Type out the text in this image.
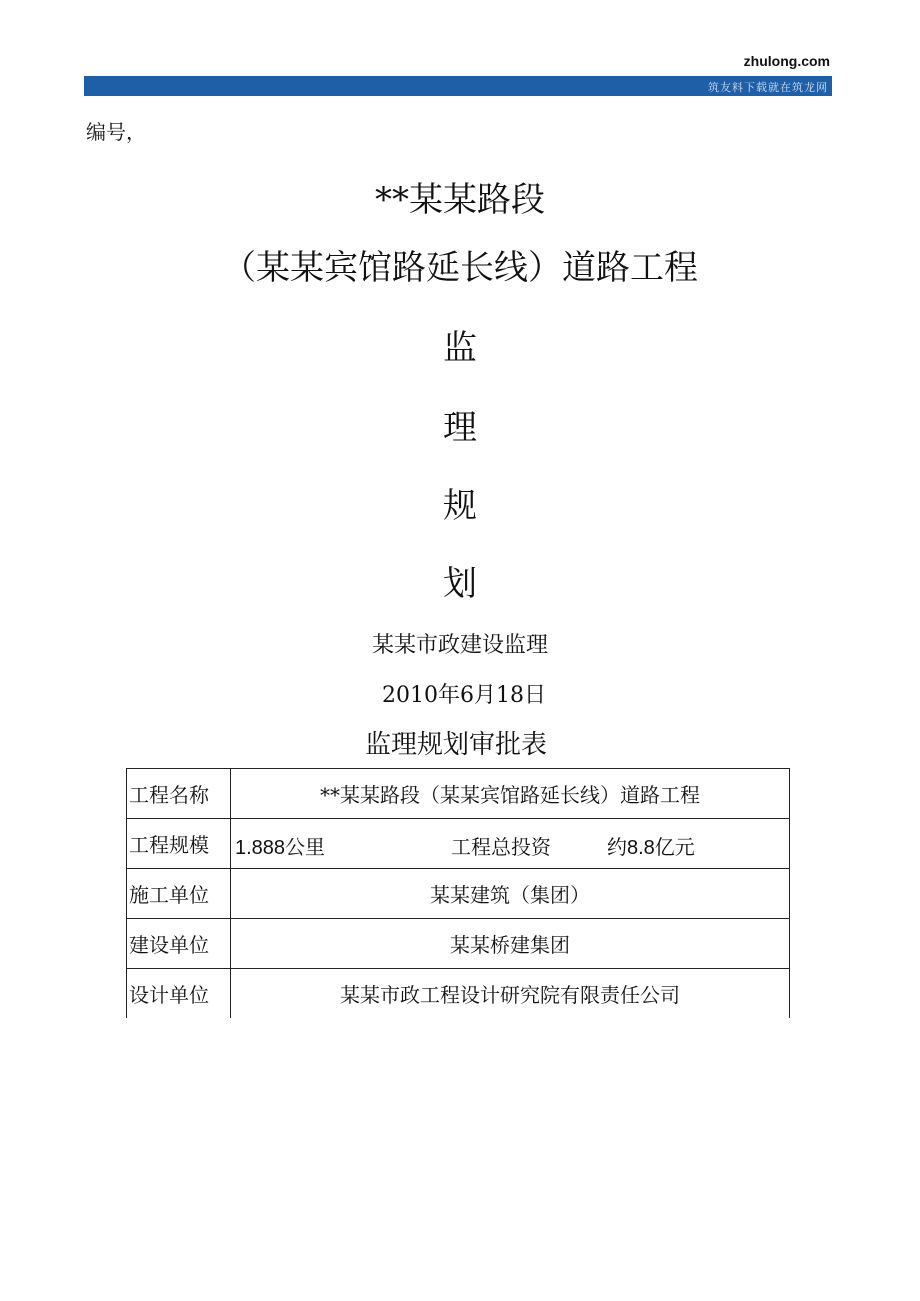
zhulong.com
筑友料下载就在筑龙网
编号，
**某某路段
（某某宾馆路延长线）道路工程
监
理
规
划
某某市政建设监理
2010年6月18日
监理规划审批表
工程名称	**某某路段（某某宾馆路延长线）道路工程
工程规模	1.888公里	工程总投资	约8.8亿元
施工单位	某某建筑（集团）
建设单位	某某桥建集团
设计单位	某某市政工程设计研究院有限责任公司
